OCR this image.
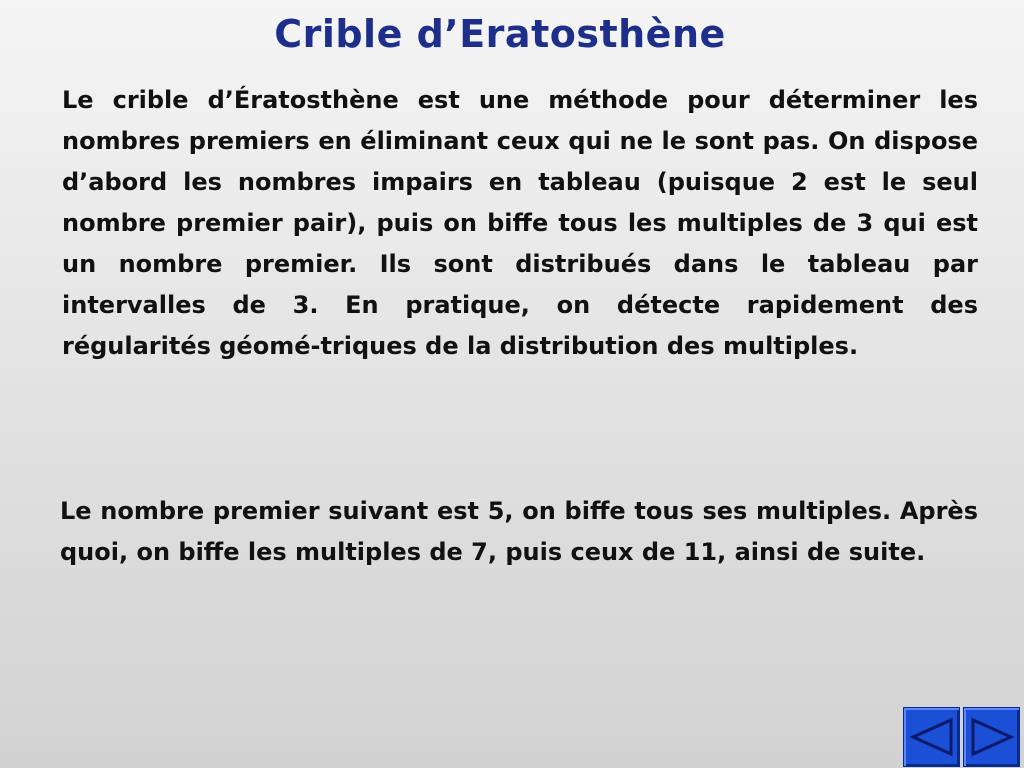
Crible d’Eratosthène

Le crible d’Ératosthène est une méthode pour déterminer les nombres premiers en éliminant ceux qui ne le sont pas. On dispose d’abord les nombres impairs en tableau (puisque 2 est le seul nombre premier pair), puis on biffe tous les multiples de 3 qui est un nombre premier. Ils sont distribués dans le tableau par intervalles de 3. En pratique, on détecte rapidement des régularités géomé-triques de la distribution des multiples.

Le nombre premier suivant est 5, on biffe tous ses multiples. Après quoi, on biffe les multiples de 7, puis ceux de 11, ainsi de suite.
